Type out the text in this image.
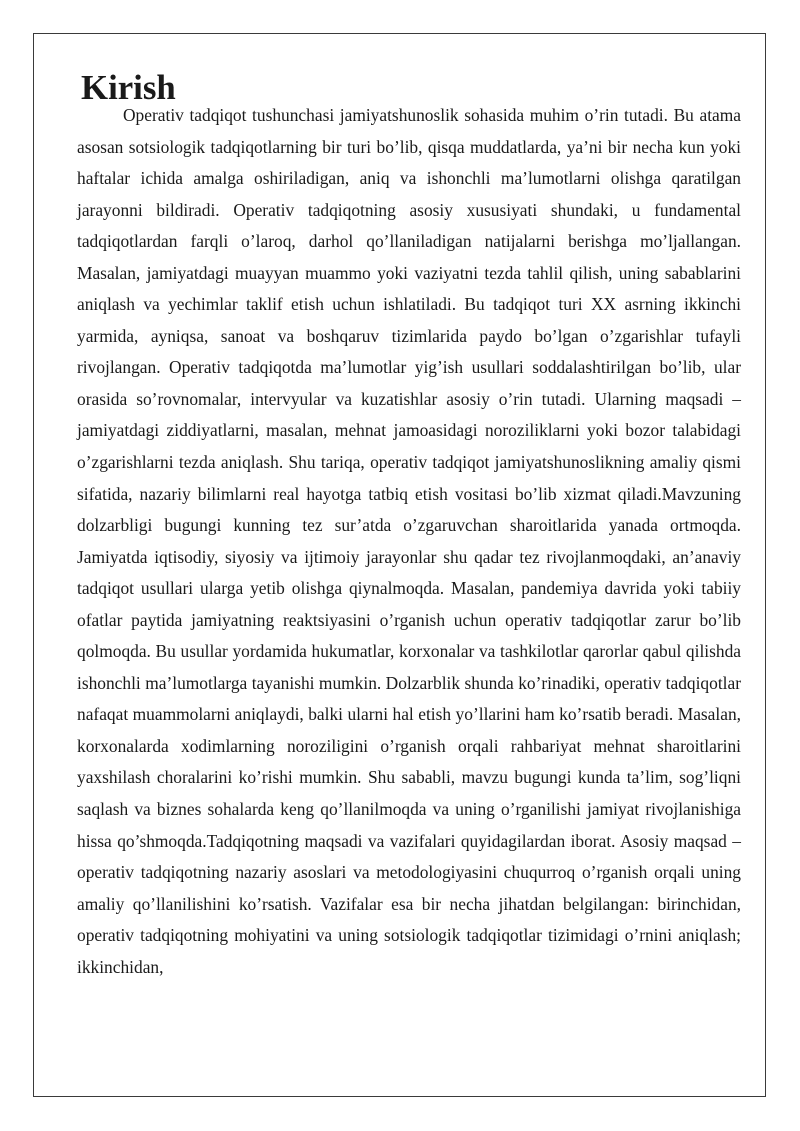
Kirish

Operativ tadqiqot tushunchasi jamiyatshunoslik sohasida muhim o’rin tutadi. Bu atama asosan sotsiologik tadqiqotlarning bir turi bo’lib, qisqa muddatlarda, ya’ni bir necha kun yoki haftalar ichida amalga oshiriladigan, aniq va ishonchli ma’lumotlarni olishga qaratilgan jarayonni bildiradi. Operativ tadqiqotning asosiy xususiyati shundaki, u fundamental tadqiqotlardan farqli o’laroq, darhol qo’llaniladigan natijalarni berishga mo’ljallangan. Masalan, jamiyatdagi muayyan muammo yoki vaziyatni tezda tahlil qilish, uning sabablarini aniqlash va yechimlar taklif etish uchun ishlatiladi. Bu tadqiqot turi XX asrning ikkinchi yarmida, ayniqsa, sanoat va boshqaruv tizimlarida paydo bo’lgan o’zgarishlar tufayli rivojlangan. Operativ tadqiqotda ma’lumotlar yig’ish usullari soddalashtirilgan bo’lib, ular orasida so’rovnomalar, intervyular va kuzatishlar asosiy o’rin tutadi. Ularning maqsadi – jamiyatdagi ziddiyatlarni, masalan, mehnat jamoasidagi noroziliklarni yoki bozor talabidagi o’zgarishlarni tezda aniqlash. Shu tariqa, operativ tadqiqot jamiyatshunoslikning amaliy qismi sifatida, nazariy bilimlarni real hayotga tatbiq etish vositasi bo’lib xizmat qiladi.Mavzuning dolzarbligi bugungi kunning tez sur’atda o’zgaruvchan sharoitlarida yanada ortmoqda. Jamiyatda iqtisodiy, siyosiy va ijtimoiy jarayonlar shu qadar tez rivojlanmoqdaki, an’anaviy tadqiqot usullari ularga yetib olishga qiynalmoqda. Masalan, pandemiya davrida yoki tabiiy ofatlar paytida jamiyatning reaktsiyasini o’rganish uchun operativ tadqiqotlar zarur bo’lib qolmoqda. Bu usullar yordamida hukumatlar, korxonalar va tashkilotlar qarorlar qabul qilishda ishonchli ma’lumotlarga tayanishi mumkin. Dolzarblik shunda ko’rinadiki, operativ tadqiqotlar nafaqat muammolarni aniqlaydi, balki ularni hal etish yo’llarini ham ko’rsatib beradi. Masalan, korxonalarda xodimlarning noroziligini o’rganish orqali rahbariyat mehnat sharoitlarini yaxshilash choralarini ko’rishi mumkin. Shu sababli, mavzu bugungi kunda ta’lim, sog’liqni saqlash va biznes sohalarda keng qo’llanilmoqda va uning o’rganilishi jamiyat rivojlanishiga hissa qo’shmoqda.Tadqiqotning maqsadi va vazifalari quyidagilardan iborat. Asosiy maqsad – operativ tadqiqotning nazariy asoslari va metodologiyasini chuqurroq o’rganish orqali uning amaliy qo’llanilishini ko’rsatish. Vazifalar esa bir necha jihatdan belgilangan: birinchidan, operativ tadqiqotning mohiyatini va uning sotsiologik tadqiqotlar tizimidagi o’rnini aniqlash; ikkinchidan,
